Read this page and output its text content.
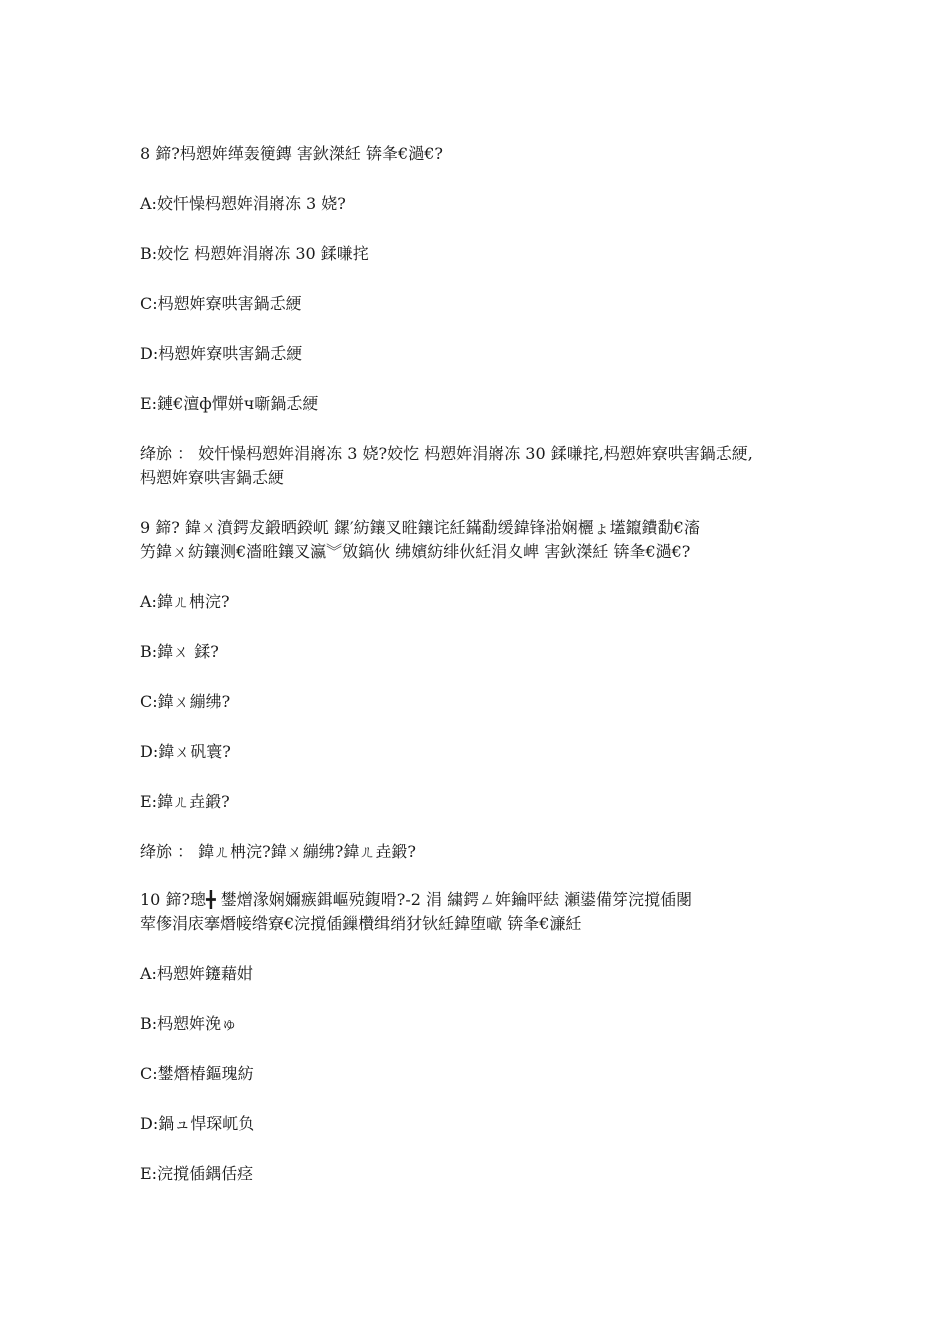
8 鍗?杩愬姩缂轰箯鏄 害鈥滐紝 锛夆€濄€?
A:姣忓懆杩愬姩涓嶈冻 3 娆?
B:姣忔 杩愬姩涓嶈冻 30 鍒嗛挓
C:杩愬姩寮哄害鍋忎綆
D:杩愬姩寮哄害鍋忎綆
E:鏈€澶ф憚姘ч噺鍋忎綆
绛旀 ： 姣忓懆杩愬姩涓嶈冻 3 娆?姣忔 杩愬姩涓嶈冻 30 鍒嗛挓,杩愬姩寮哄害鍋忎綆,
杩愬姩寮哄害鍋忎綆
9 鍗? 鍏ㄨ濆鍔犮鍛晒鍨屼 鏍′紡鑲叉暀鑲诧紝鏋勫缓鍏锋湁娴欐ょ壒鑹鐨勫€滀
竻鍏ㄨ紡鑲测€濇暀鑲叉瀛︾敓鎬伙 绋嬪紡绯伙紝涓夊崥 害鈥滐紝 锛夆€濄€?
A:鍏ㄦ柟浣?
B:鍏ㄨ 鍒?
C:鍏ㄨ繃绋?
D:鍏ㄨ矾寰?
E:鍏ㄦ垚鍛?
绛旀 ： 鍏ㄦ柟浣?鍏ㄨ繃绋?鍏ㄦ垚鍛?
10 鍗?璁╋ 鐢熷湪娴嬭瘯鍓嶇殑鍑嗗?-2 涓 繍鍔ㄥ姩鑰呯紶 瀬鍙備笌浣撹偛閿
荤偧涓庡搴熸帹绺寮€浣撹偛鏁欑缉绡犲钬紝鍏堕噷 锛夆€濓紝
A:杩愬姩鑳藉姏
B:杩愬姩浼ゅ
C:鐢熸椿鏂瑰紡
D:鍋ュ悍琛屼负
E:浣撹偛鍝佸痉
